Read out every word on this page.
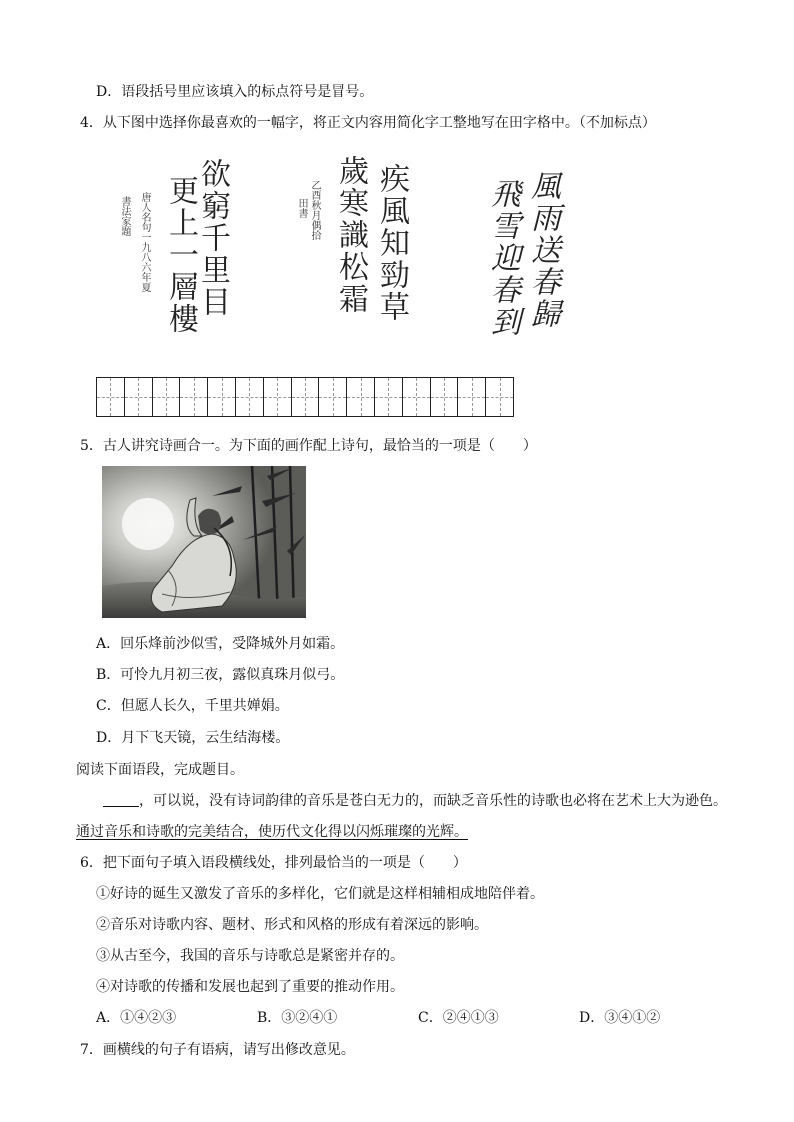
D．语段括号里应该填入的标点符号是冒号。
4．从下图中选择你最喜欢的一幅字，将正文内容用简化字工整地写在田字格中。（不加标点）
欲窮千里目
更上一層樓
唐人名句一九八六年夏
書法家題	疾風知勁草
歲寒識松霜
乙酉秋月偶拾
田書	風雨送春歸
飛雪迎春到
5．古人讲究诗画合一。为下面的画作配上诗句，最恰当的一项是（　　）
A．回乐烽前沙似雪，受降城外月如霜。
B．可怜九月初三夜，露似真珠月似弓。
C．但愿人长久，千里共婵娟。
D．月下飞天镜，云生结海楼。
阅读下面语段，完成题目。
，可以说，没有诗词韵律的音乐是苍白无力的，而缺乏音乐性的诗歌也必将在艺术上大为逊色。
通过音乐和诗歌的完美结合，使历代文化得以闪烁璀璨的光辉。
6．把下面句子填入语段横线处，排列最恰当的一项是（　　）
①好诗的诞生又激发了音乐的多样化，它们就是这样相辅相成地陪伴着。
②音乐对诗歌内容、题材、形式和风格的形成有着深远的影响。
③从古至今，我国的音乐与诗歌总是紧密并存的。
④对诗歌的传播和发展也起到了重要的推动作用。
A．①④②③	B．③②④①	C．②④①③	D．③④①②
7．画横线的句子有语病，请写出修改意见。
